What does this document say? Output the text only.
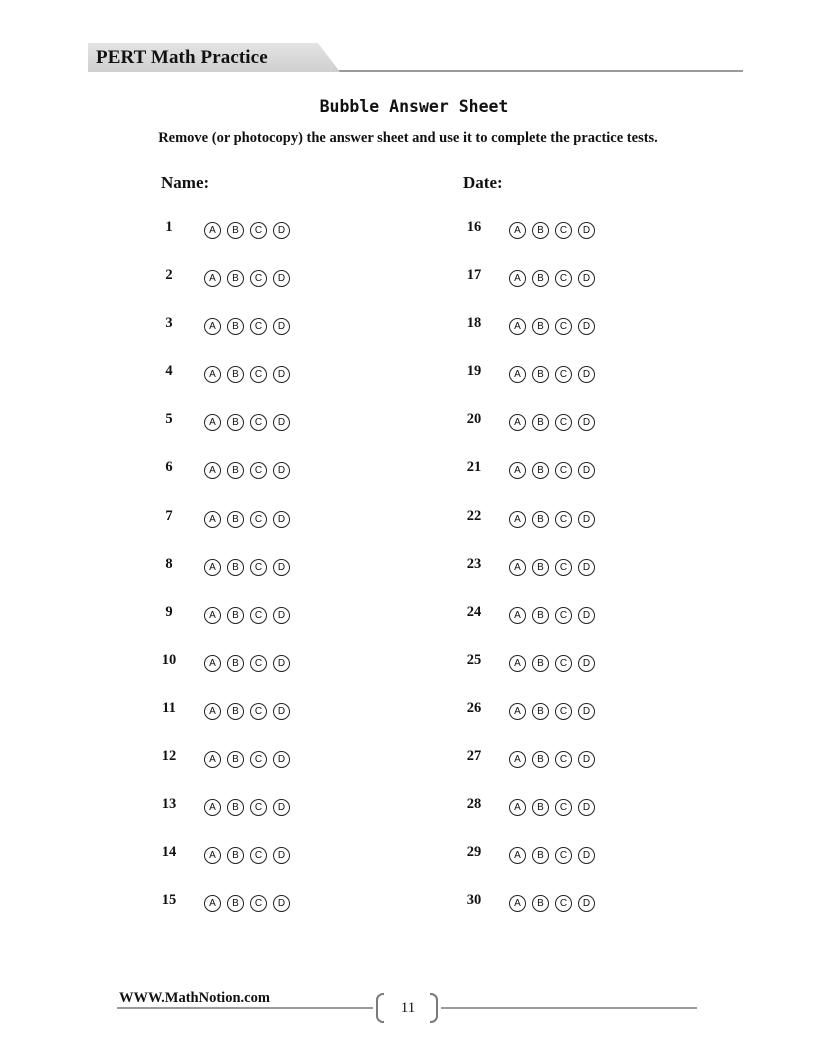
PERT Math Practice
Bubble Answer Sheet
Remove (or photocopy) the answer sheet and use it to complete the practice tests.
Name:	Date:
1	A B C D
2	A B C D
3	A B C D
4	A B C D
5	A B C D
6	A B C D
7	A B C D
8	A B C D
9	A B C D
10	A B C D
11	A B C D
12	A B C D
13	A B C D
14	A B C D
15	A B C D
16	A B C D
17	A B C D
18	A B C D
19	A B C D
20	A B C D
21	A B C D
22	A B C D
23	A B C D
24	A B C D
25	A B C D
26	A B C D
27	A B C D
28	A B C D
29	A B C D
30	A B C D
WWW.MathNotion.com
11
